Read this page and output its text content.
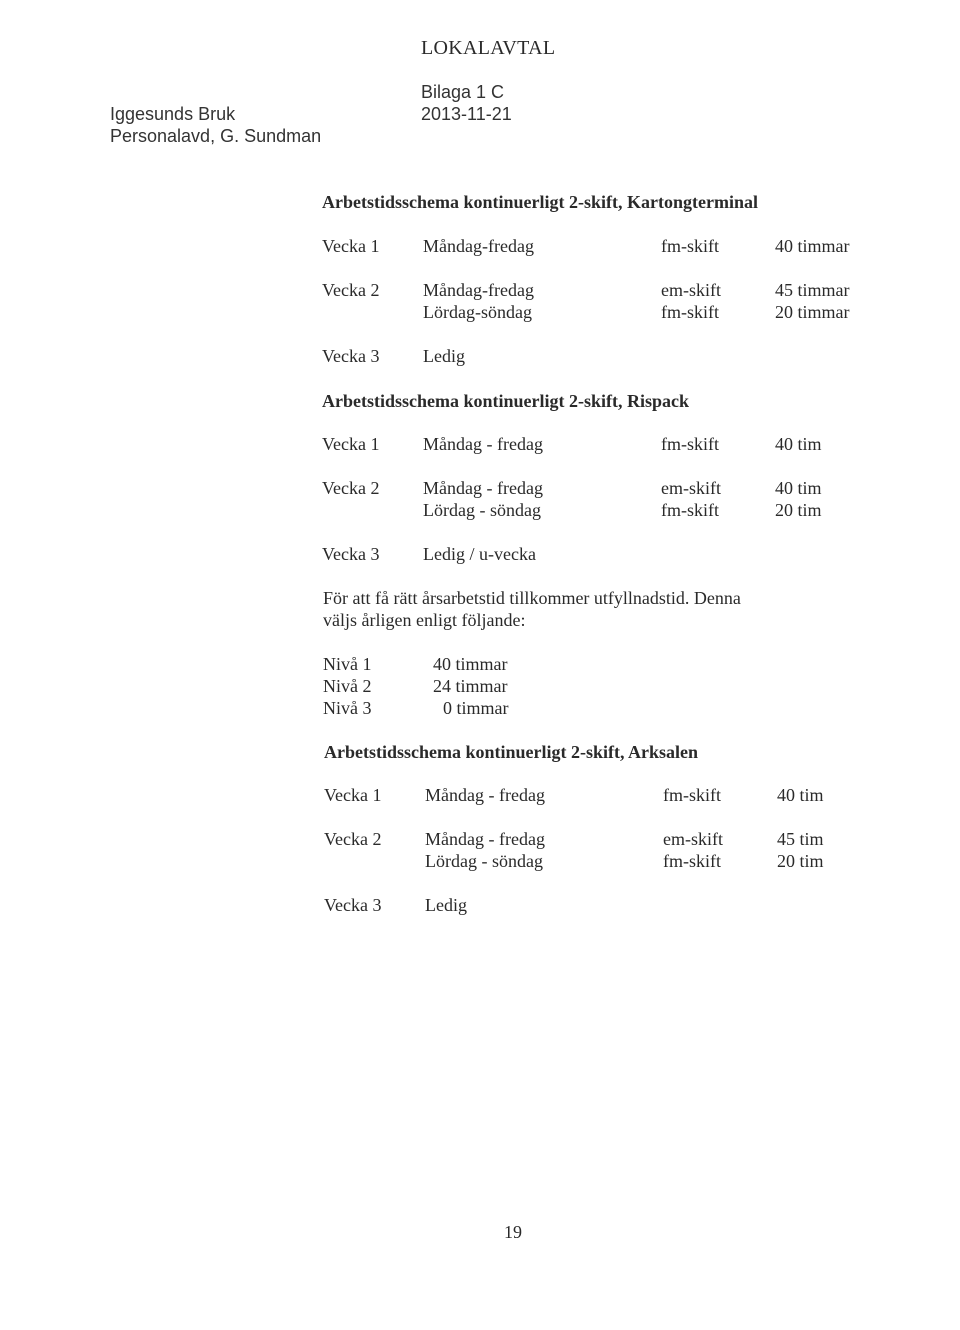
LOKALAVTAL
Iggesunds Bruk
Personalavd, G. Sundman
Bilaga 1 C
2013-11-21
Arbetstidsschema kontinuerligt 2-skift, Kartongterminal
Vecka 1 Måndag-fredag	fm-skift	40 timmar
Vecka 2 Måndag-fredag	em-skift	45 timmar
Lördag-söndag	fm-skift	20 timmar
Vecka 3 Ledig
Arbetstidsschema kontinuerligt 2-skift, Rispack
Vecka 1 Måndag - fredag	fm-skift	40 tim
Vecka 2 Måndag - fredag	em-skift	40 tim
Lördag - söndag	fm-skift	20 tim
Vecka 3 Ledig / u-vecka
För att få rätt årsarbetstid tillkommer utfyllnadstid. Denna
väljs årligen enligt följande:
Nivå 1	40 timmar
Nivå 2	24 timmar
Nivå 3	0 timmar
Arbetstidsschema kontinuerligt 2-skift, Arksalen
Vecka 1 Måndag - fredag	fm-skift	40 tim
Vecka 2 Måndag - fredag	em-skift	45 tim
Lördag - söndag	fm-skift	20 tim
Vecka 3 Ledig
19
